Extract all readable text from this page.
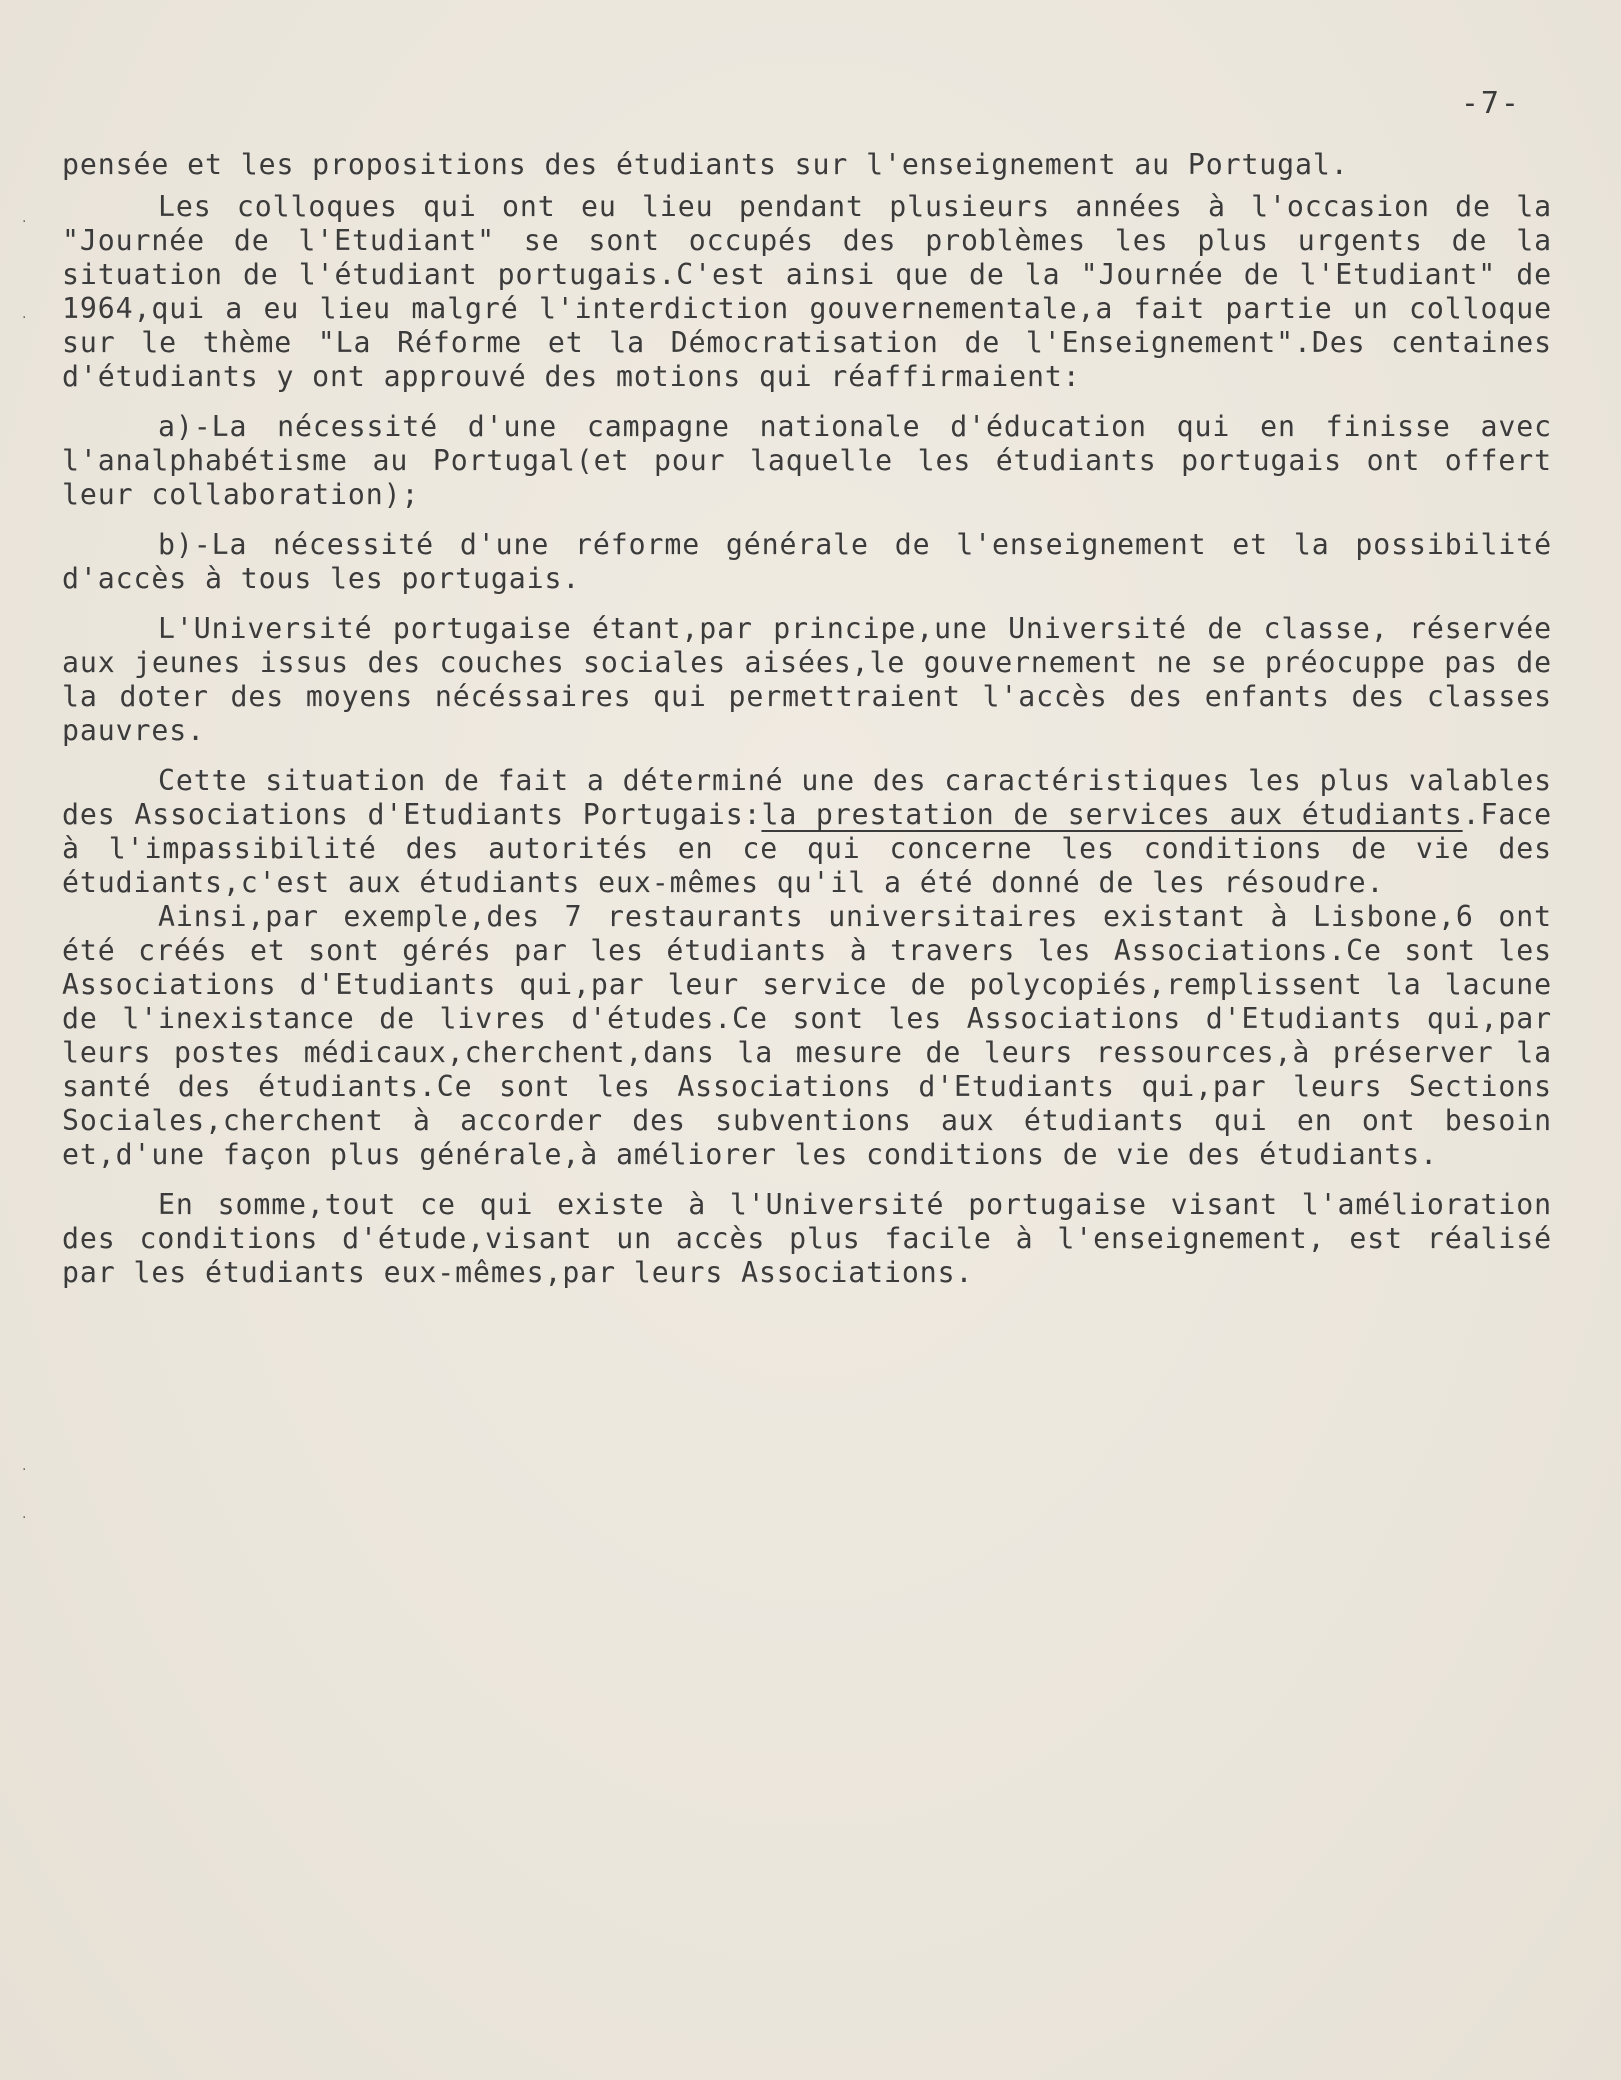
-7-
·
·
·
·

pensée et les propositions des étudiants sur l'enseignement au Portugal.

Les colloques qui ont eu lieu pendant plusieurs années à l'occasion de la "Journée de l'Etudiant" se sont occupés des problèmes les plus urgents de la situation de l'étudiant portugais.C'est ainsi que de la "Journée de l'Etudiant" de 1964,qui a eu lieu malgré l'interdiction gouvernementale,a fait partie un colloque sur le thème "La Réforme et la Démocratisation de l'Enseignement".Des centaines d'étudiants y ont approuvé des motions qui réaffirmaient:

a)-La nécessité d'une campagne nationale d'éducation qui en finisse avec l'analphabétisme au Portugal(et pour laquelle les étudiants portugais ont offert leur collaboration);

b)-La nécessité d'une réforme générale de l'enseignement et la possibilité d'accès à tous les portugais.

L'Université portugaise étant,par principe,une Université de classe, réservée aux jeunes issus des couches sociales aisées,le gouvernement ne se préocuppe pas de la doter des moyens nécéssaires qui permettraient l'accès des enfants des classes pauvres.

Cette situation de fait a déterminé une des caractéristiques les plus valables des Associations d'Etudiants Portugais:la prestation de services aux étudiants.Face à l'impassibilité des autorités en ce qui concerne les conditions de vie des étudiants,c'est aux étudiants eux-mêmes qu'il a été donné de les résoudre.

Ainsi,par exemple,des 7 restaurants universitaires existant à Lisbone,6 ont été créés et sont gérés par les étudiants à travers les Associations.Ce sont les Associations d'Etudiants qui,par leur service de polycopiés,remplissent la lacune de l'inexistance de livres d'études.Ce sont les Associations d'Etudiants qui,par leurs postes médicaux,cherchent,dans la mesure de leurs ressources,à préserver la santé des étudiants.Ce sont les Associations d'Etudiants qui,par leurs Sections Sociales,cherchent à accorder des subventions aux étudiants qui en ont besoin et,d'une façon plus générale,à améliorer les conditions de vie des étudiants.

En somme,tout ce qui existe à l'Université portugaise visant l'amélioration des conditions d'étude,visant un accès plus facile à l'enseignement, est réalisé par les étudiants eux-mêmes,par leurs Associations.
